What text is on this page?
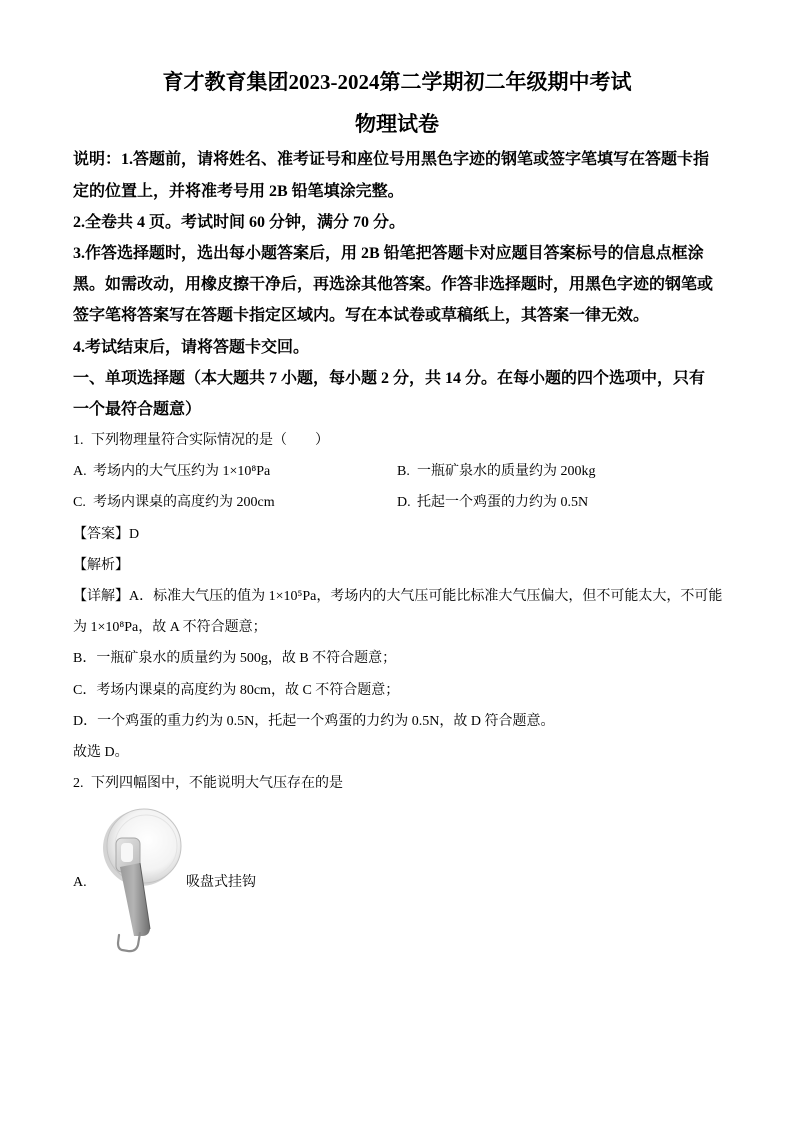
育才教育集团2023-2024第二学期初二年级期中考试
物理试卷
说明：1.答题前，请将姓名、准考证号和座位号用黑色字迹的钢笔或签字笔填写在答题卡指
定的位置上，并将准考号用 2B 铅笔填涂完整。
2.全卷共 4 页。考试时间 60 分钟，满分 70 分。
3.作答选择题时，选出每小题答案后，用 2B 铅笔把答题卡对应题目答案标号的信息点框涂
黑。如需改动，用橡皮擦干净后，再选涂其他答案。作答非选择题时，用黑色字迹的钢笔或
签字笔将答案写在答题卡指定区域内。写在本试卷或草稿纸上，其答案一律无效。
4.考试结束后，请将答题卡交回。
一、单项选择题（本大题共 7 小题，每小题 2 分，共 14 分。在每小题的四个选项中，只有
一个最符合题意）
1. 下列物理量符合实际情况的是（　　）
A. 考场内的大气压约为 1×10⁸Pa	B. 一瓶矿泉水的质量约为 200kg
C. 考场内课桌的高度约为 200cm	D. 托起一个鸡蛋的力约为 0.5N
【答案】D
【解析】
【详解】A．标准大气压的值为 1×10⁵Pa，考场内的大气压可能比标准大气压偏大，但不可能太大，不可能
为 1×10⁸Pa，故 A 不符合题意；
B．一瓶矿泉水的质量约为 500g，故 B 不符合题意；
C．考场内课桌的高度约为 80cm，故 C 不符合题意；
D．一个鸡蛋的重力约为 0.5N，托起一个鸡蛋的力约为 0.5N，故 D 符合题意。
故选 D。
2. 下列四幅图中，不能说明大气压存在的是
A.	吸盘式挂钩
